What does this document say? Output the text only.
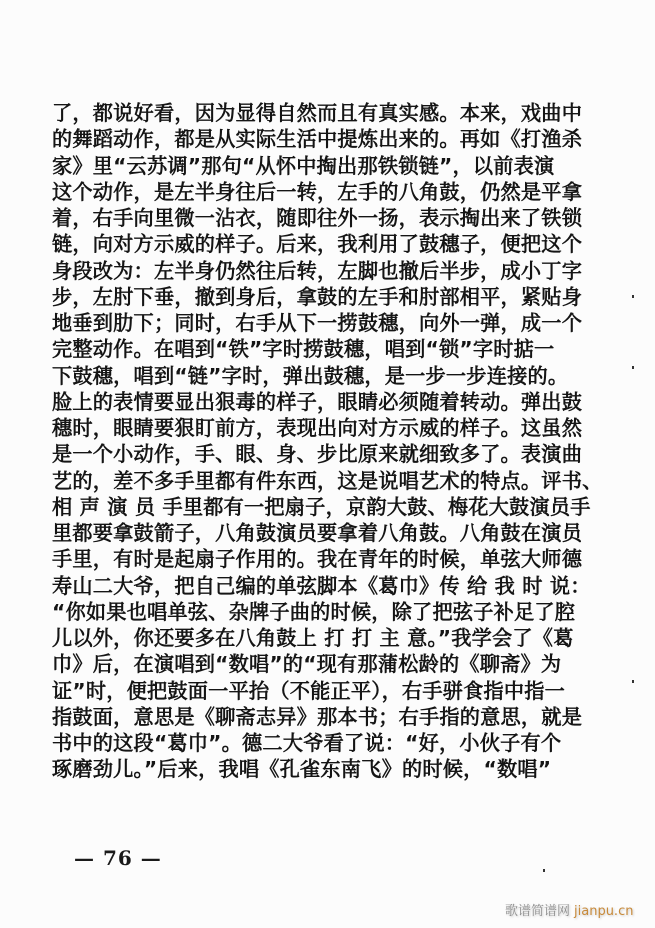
了，都说好看，因为显得自然而且有真实感。本来，戏曲中
的舞蹈动作，都是从实际生活中提炼出来的。再如《打渔杀
家》里“云苏调”那句“从怀中掏出那铁锁链”，以前表演
这个动作，是左半身往后一转，左手的八角鼓，仍然是平拿
着，右手向里微一沾衣，随即往外一扬，表示掏出来了铁锁
链，向对方示威的样子。后来，我利用了鼓穗子，便把这个
身段改为：左半身仍然往后转，左脚也撤后半步，成小丁字
步，左肘下垂，撤到身后，拿鼓的左手和肘部相平，紧贴身
地垂到肋下；同时，右手从下一捞鼓穗，向外一弹，成一个
完整动作。在唱到“铁”字时捞鼓穗，唱到“锁”字时掂一
下鼓穗，唱到“链”字时，弹出鼓穗，是一步一步连接的。
脸上的表情要显出狠毒的样子，眼睛必须随着转动。弹出鼓
穗时，眼睛要狠盯前方，表现出向对方示威的样子。这虽然
是一个小动作，手、眼、身、步比原来就细致多了。表演曲
艺的，差不多手里都有件东西，这是说唱艺术的特点。评书、
相 声 演 员 手里都有一把扇子，京韵大鼓、梅花大鼓演员手
里都要拿鼓箭子，八角鼓演员要拿着八角鼓。八角鼓在演员
手里，有时是起扇子作用的。我在青年的时候，单弦大师德
寿山二大爷，把自己编的单弦脚本《葛巾》传 给 我 时 说：
“你如果也唱单弦、杂牌子曲的时候，除了把弦子补足了腔
儿以外，你还要多在八角鼓上 打 打 主 意。”我学会了《葛
巾》后，在演唱到“数唱”的“现有那蒲松龄的《聊斋》为
证”时，便把鼓面一平抬（不能正平），右手骈食指中指一
指鼓面，意思是《聊斋志异》那本书；右手指的意思，就是
书中的这段“葛巾”。德二大爷看了说：“好，小伙子有个
琢磨劲儿。”后来，我唱《孔雀东南飞》的时候，“数唱”
— 76 —
歌谱简谱网 jianpu.cn
